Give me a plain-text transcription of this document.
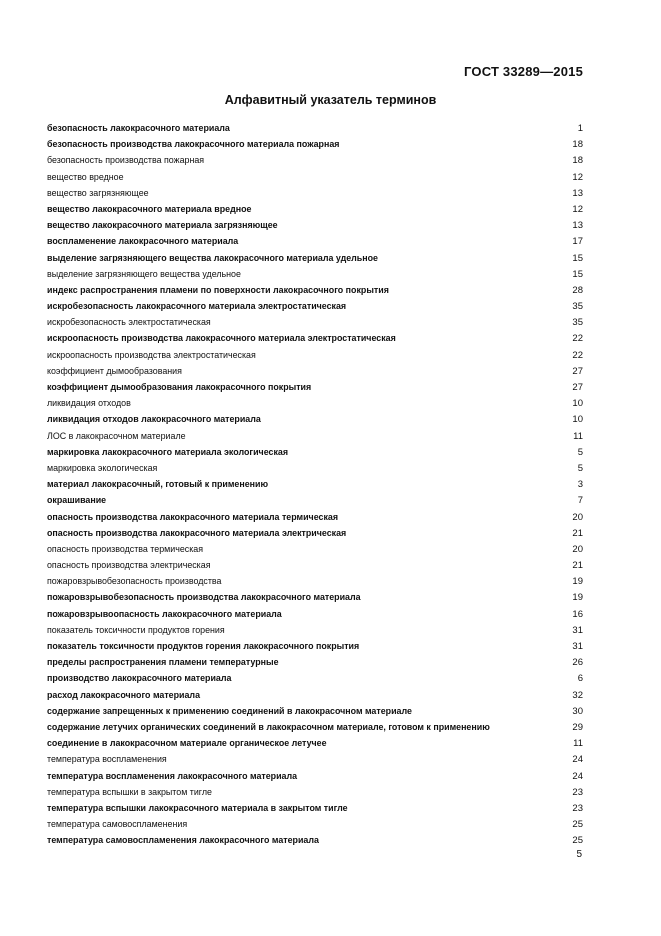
ГОСТ 33289—2015
Алфавитный указатель терминов
безопасность лакокрасочного материала	1
безопасность производства лакокрасочного материала пожарная	18
безопасность производства пожарная	18
вещество вредное	12
вещество загрязняющее	13
вещество лакокрасочного материала вредное	12
вещество лакокрасочного материала загрязняющее	13
воспламенение лакокрасочного материала	17
выделение загрязняющего вещества лакокрасочного материала удельное	15
выделение загрязняющего вещества удельное	15
индекс распространения пламени по поверхности лакокрасочного покрытия	28
искробезопасность лакокрасочного материала электростатическая	35
искробезопасность электростатическая	35
искроопасность производства лакокрасочного материала электростатическая	22
искроопасность производства электростатическая	22
коэффициент дымообразования	27
коэффициент дымообразования лакокрасочного покрытия	27
ликвидация отходов	10
ликвидация отходов лакокрасочного материала	10
ЛОС в лакокрасочном материале	11
маркировка лакокрасочного материала экологическая	5
маркировка экологическая	5
материал лакокрасочный, готовый к применению	3
окрашивание	7
опасность производства лакокрасочного материала термическая	20
опасность производства лакокрасочного материала электрическая	21
опасность производства термическая	20
опасность производства электрическая	21
пожаровзрывобезопасность производства	19
пожаровзрывобезопасность производства лакокрасочного материала	19
пожаровзрывоопасность лакокрасочного материала	16
показатель токсичности продуктов горения	31
показатель токсичности продуктов горения лакокрасочного покрытия	31
пределы распространения пламени температурные	26
производство лакокрасочного материала	6
расход лакокрасочного материала	32
содержание запрещенных к применению соединений в лакокрасочном материале	30
содержание летучих органических соединений в лакокрасочном материале, готовом к применению	29
соединение в лакокрасочном материале органическое летучее	11
температура воспламенения	24
температура воспламенения лакокрасочного материала	24
температура вспышки в закрытом тигле	23
температура вспышки лакокрасочного материала в закрытом тигле	23
температура самовоспламенения	25
температура самовоспламенения лакокрасочного материала	25
5
